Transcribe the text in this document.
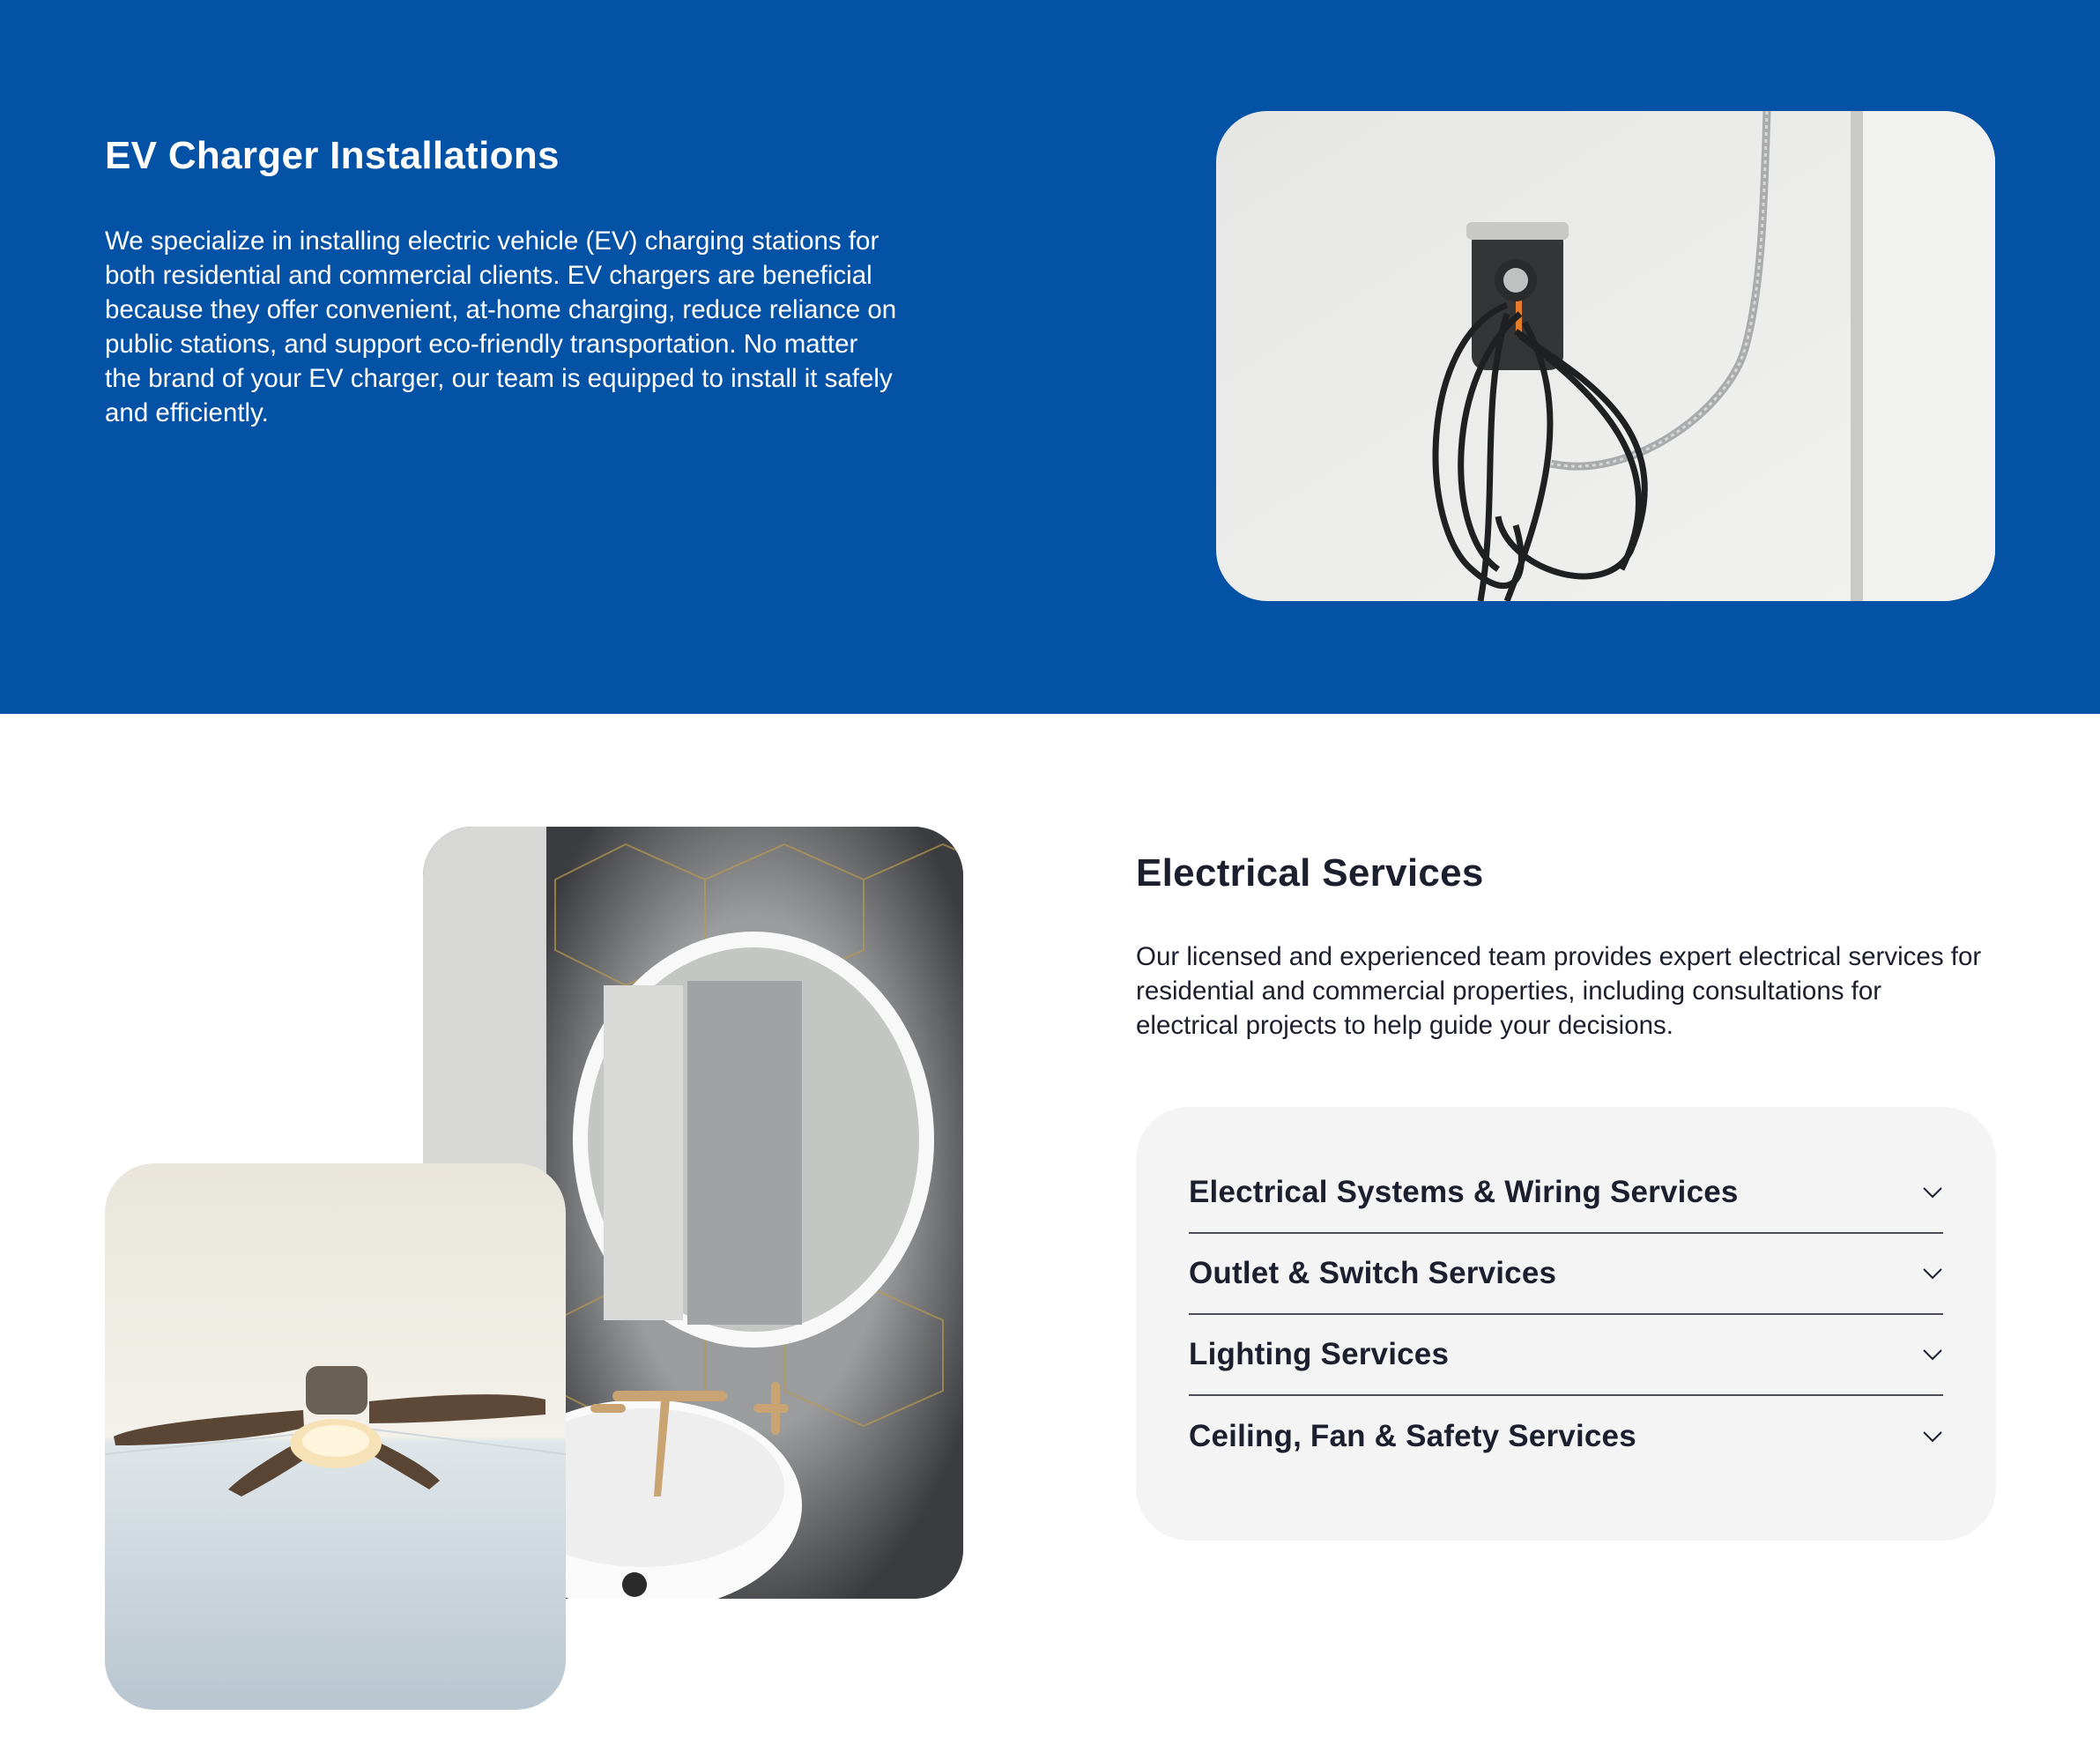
EV Charger Installations

We specialize in installing electric vehicle (EV) charging stations for both residential and commercial clients. EV chargers are beneficial because they offer convenient, at-home charging, reduce reliance on public stations, and support eco-friendly transportation. No matter the brand of your EV charger, our team is equipped to install it safely and efficiently.

Electrical Services

Our licensed and experienced team provides expert electrical services for residential and commercial properties, including consultations for electrical projects to help guide your decisions.

Electrical Systems & Wiring Services
Outlet & Switch Services
Lighting Services
Ceiling, Fan & Safety Services
